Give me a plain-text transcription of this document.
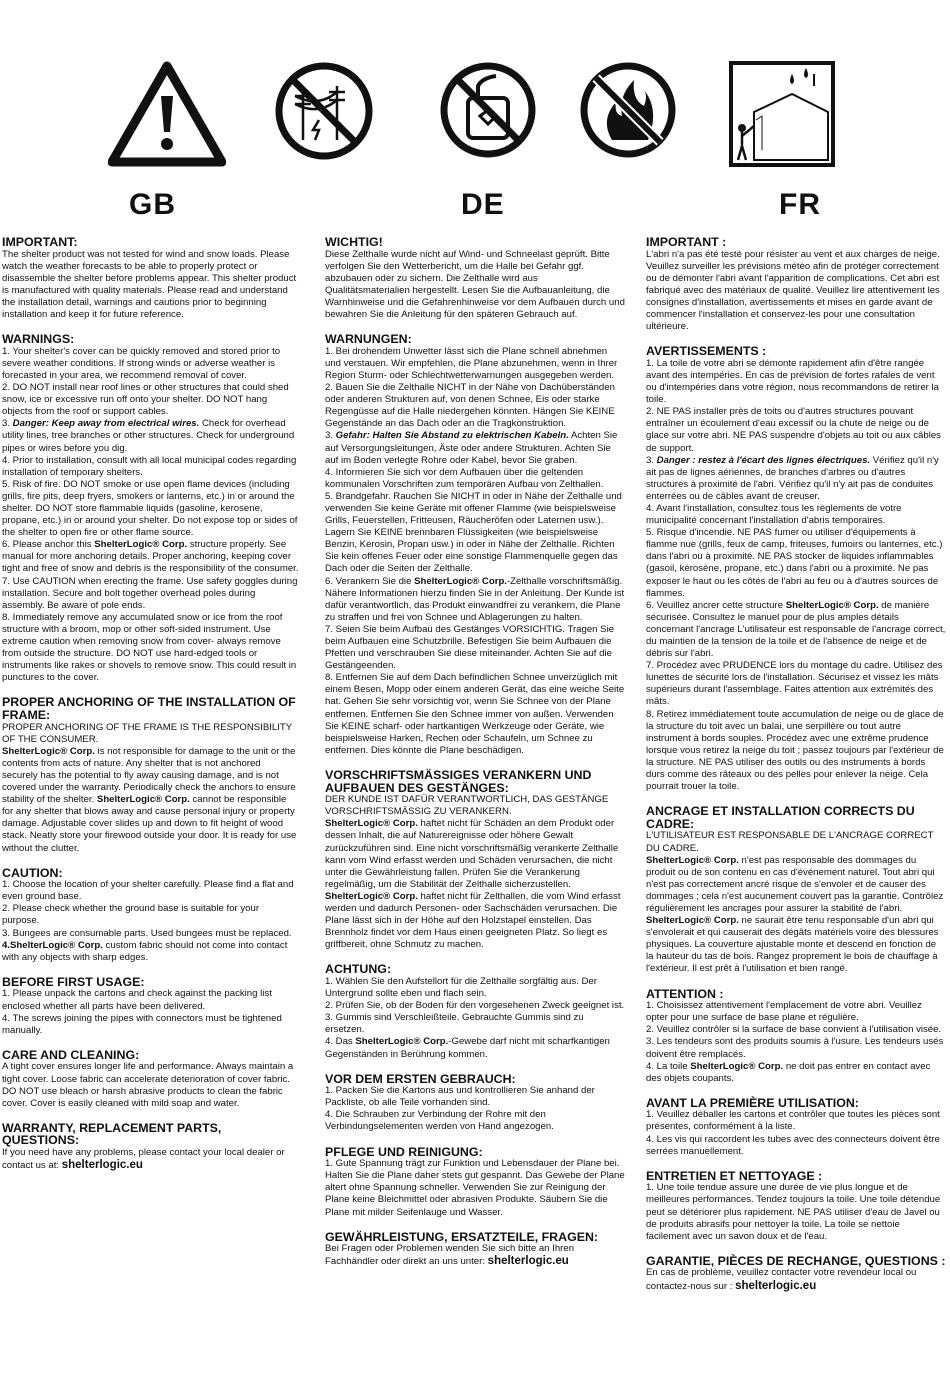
GB	DE	FR

IMPORTANT:

The shelter product was not tested for wind and snow loads. Please watch the weather forecasts to be able to properly protect or disassemble the shelter before problems appear. This shelter product is manufactured with quality materials. Please read and understand the installation detail, warnings and cautions prior to beginning installation and keep it for future reference.

WARNINGS:

1. Your shelter's cover can be quickly removed and stored prior to severe weather conditions. If strong winds or adverse weather is forecasted in your area, we recommend removal of cover.

2. DO NOT install near roof lines or other structures that could shed snow, ice or excessive run off onto your shelter. DO NOT hang objects from the roof or support cables.

3. Danger: Keep away from electrical wires. Check for overhead utility lines, tree branches or other structures. Check for underground pipes or wires before you dig.

4. Prior to installation, consult with all local municipal codes regarding installation of temporary shelters.

5. Risk of fire. DO NOT smoke or use open flame devices (including grills, fire pits, deep fryers, smokers or lanterns, etc.) in or around the shelter. DO NOT store flammable liquids (gasoline, kerosene, propane, etc.) in or around your shelter. Do not expose top or sides of the shelter to open fire or other flame source.

6. Please anchor this ShelterLogic® Corp. structure properly. See manual for more anchoring details. Proper anchoring, keeping cover tight and free of snow and debris is the responsibility of the consumer.

7. Use CAUTION when erecting the frame. Use safety goggles during installation. Secure and bolt together overhead poles during assembly. Be aware of pole ends.

8. Immediately remove any accumulated snow or ice from the roof structure with a broom, mop or other soft-sided instrument. Use extreme caution when removing snow from cover- always remove from outside the structure. DO NOT use hard-edged tools or instruments like rakes or shovels to remove snow. This could result in punctures to the cover.

PROPER ANCHORING OF THE INSTALLATION OF FRAME:

PROPER ANCHORING OF THE FRAME IS THE RESPONSIBILITY OF THE CONSUMER.

ShelterLogic® Corp. is not responsible for damage to the unit or the contents from acts of nature. Any shelter that is not anchored securely has the potential to fly away causing damage, and is not covered under the warranty. Periodically check the anchors to ensure stability of the shelter. ShelterLogic® Corp. cannot be responsible for any shelter that blows away and cause personal injury or property damage. Adjustable cover slides up and down to fit height of wood stack. Neatly store your firewood outside your door. It is ready for use without the clutter.

CAUTION:

1. Choose the location of your shelter carefully. Please find a flat and even ground base.

2. Please check whether the ground base is suitable for your purpose.

3. Bungees are consumable parts. Used bungees must be replaced.

4.ShelterLogic® Corp. custom fabric should not come into contact with any objects with sharp edges.

BEFORE FIRST USAGE:

1. Please unpack the cartons and check against the packing list enclosed whether all parts have been delivered.

4. The screws joining the pipes with connectors must be tightened manually.

CARE AND CLEANING:

A tight cover ensures longer life and performance. Always maintain a tight cover. Loose fabric can accelerate deterioration of cover fabric. DO NOT use bleach or harsh abrasive products to clean the fabric cover. Cover is easily cleaned with mild soap and water.

WARRANTY, REPLACEMENT PARTS, QUESTIONS:

If you need have any problems, please contact your local dealer or contact us at: shelterlogic.eu

WICHTIG!

Diese Zelthalle wurde nicht auf Wind- und Schneelast geprüft. Bitte verfolgen Sie den Wetterbericht, um die Halle bei Gefahr ggf. abzubauen oder zu sichern. Die Zelthalle wird aus Qualitätsmaterialien hergestellt. Lesen Sie die Aufbauanleitung, die Warnhinweise und die Gefahrenhinweise vor dem Aufbauen durch und bewahren Sie die Anleitung für den späteren Gebrauch auf.

WARNUNGEN:

1. Bei drohendem Unwetter lässt sich die Plane schnell abnehmen und verstauen. Wir empfehlen, die Plane abzunehmen, wenn in Ihrer Region Sturm- oder Schlechtwetterwarnungen ausgegeben werden.

2. Bauen Sie die Zelthalle NICHT in der Nähe von Dachüberständen oder anderen Strukturen auf, von denen Schnee, Eis oder starke Regengüsse auf die Halle niedergehen könnten. Hängen Sie KEINE Gegenstände an das Dach oder an die Tragkonstruktion.

3. Gefahr: Halten Sie Abstand zu elektrischen Kabeln. Achten Sie auf Versorgungsleitungen, Äste oder andere Strukturen. Achten Sie auf im Boden verlegte Rohre oder Kabel, bevor Sie graben.

4. Informieren Sie sich vor dem Aufbauen über die geltenden kommunalen Vorschriften zum temporären Aufbau von Zelthallen.

5. Brandgefahr. Rauchen Sie NICHT in oder in Nähe der Zelthalle und verwenden Sie keine Geräte mit offener Flamme (wie beispielsweise Grills, Feuerstellen, Fritteusen, Räucheröfen oder Laternen usw.). Lagern Sie KEINE brennbaren Flüssigkeiten (wie beispielsweise Benzin, Kerosin, Propan usw.) in oder in Nähe der Zelthalle. Richten Sie kein offenes Feuer oder eine sonstige Flammenquelle gegen das Dach oder die Seiten der Zelthalle.

6. Verankern Sie die ShelterLogic® Corp.-Zelthalle vorschriftsmäßig. Nähere Informationen hierzu finden Sie in der Anleitung. Der Kunde ist dafür verantwortlich, das Produkt einwandfrei zu verankern, die Plane zu straffen und frei von Schnee und Ablagerungen zu halten.

7. Seien Sie beim Aufbau des Gestänges VORSICHTIG. Tragen Sie beim Aufbauen eine Schutzbrille. Befestigen Sie beim Aufbauen die Pfetten und verschrauben Sie diese miteinander. Achten Sie auf die Gestängeenden.

8. Entfernen Sie auf dem Dach befindlichen Schnee unverzüglich mit einem Besen, Mopp oder einem anderen Gerät, das eine weiche Seite hat. Gehen Sie sehr vorsichtig vor, wenn Sie Schnee von der Plane entfernen. Entfernen Sie den Schnee immer von außen. Verwenden Sie KEINE scharf- oder hartkantigen Werkzeuge oder Geräte, wie beispielsweise Harken, Rechen oder Schaufeln, um Schnee zu entfernen. Dies könnte die Plane beschädigen.

VORSCHRIFTSMÄSSIGES VERANKERN UND AUFBAUEN DES GESTÄNGES:

DER KUNDE IST DAFÜR VERANTWORTLICH, DAS GESTÄNGE VORSCHRIFTSMÄSSIG ZU VERANKERN.

ShelterLogic® Corp. haftet nicht für Schäden an dem Produkt oder dessen Inhalt, die auf Naturereignisse oder höhere Gewalt zurückzuführen sind. Eine nicht vorschriftsmäßig verankerte Zelthalle kann vom Wind erfasst werden und Schäden verursachen, die nicht unter die Gewährleistung fallen. Prüfen Sie die Verankerung regelmäßig, um die Stabilität der Zelthalle sicherzustellen. ShelterLogic® Corp. haftet nicht für Zelthallen, die vom Wind erfasst werden und dadurch Personen- oder Sachschäden verursachen. Die Plane lässt sich in der Höhe auf den Holzstapel einstellen. Das Brennholz findet vor dem Haus einen geeigneten Platz. So liegt es griffbereit, ohne Schmutz zu machen.

ACHTUNG:

1. Wählen Sie den Aufstellort für die Zelthalle sorgfältig aus. Der Untergrund sollte eben und flach sein.

2. Prüfen Sie, ob der Boden für den vorgesehenen Zweck geeignet ist.

3. Gummis sind Verschleißteile. Gebrauchte Gummis sind zu ersetzen.

4. Das ShelterLogic® Corp.-Gewebe darf nicht mit scharfkantigen Gegenständen in Berührung kommen.

VOR DEM ERSTEN GEBRAUCH:

1. Packen Sie die Kartons aus und kontrollieren Sie anhand der Packliste, ob alle Teile vorhanden sind.

4. Die Schrauben zur Verbindung der Rohre mit den Verbindungselementen werden von Hand angezogen.

PFLEGE UND REINIGUNG:

1. Gute Spannung trägt zur Funktion und Lebensdauer der Plane bei. Halten Sie die Plane daher stets gut gespannt. Das Gewebe der Plane altert ohne Spannung schneller. Verwenden Sie zur Reinigung der Plane keine Bleichmittel oder abrasiven Produkte. Säubern Sie die Plane mit milder Seifenlauge und Wasser.

GEWÄHRLEISTUNG, ERSATZTEILE, FRAGEN:

Bei Fragen oder Problemen wenden Sie sich bitte an Ihren Fachhändler oder direkt an uns unter: shelterlogic.eu

IMPORTANT :

L'abri n'a pas été testé pour résister au vent et aux charges de neige. Veuillez surveiller les prévisions météo afin de protéger correctement ou de démonter l'abri avant l'apparition de complications. Cet abri est fabriqué avec des matériaux de qualité. Veuillez lire attentivement les consignes d'installation, avertissements et mises en garde avant de commencer l'installation et conservez-les pour une consultation ultérieure.

AVERTISSEMENTS :

1. La toile de votre abri se démonte rapidement afin d'être rangée avant des intempéries. En cas de prévision de fortes rafales de vent ou d'intempéries dans votre région, nous recommandons de retirer la toile.

2. NE PAS installer près de toits ou d'autres structures pouvant entraîner un écoulement d'eau excessif ou la chute de neige ou de glace sur votre abri. NE PAS suspendre d'objets au toit ou aux câbles de support.

3. Danger : restez à l'écart des lignes électriques. Vérifiez qu'il n'y ait pas de lignes aériennes, de branches d'arbres ou d'autres structures à proximité de l'abri. Vérifiez qu'il n'y ait pas de conduites enterrées ou de câbles avant de creuser.

4. Avant l'installation, consultez tous les règlements de votre municipalité concernant l'installation d'abris temporaires.

5. Risque d'incendie. NE PAS fumer ou utiliser d'équipements à flamme nue (grills, feux de camp, friteuses, fumoirs ou lanternes, etc.) dans l'abri ou à proximité. NE PAS stocker de liquides inflammables (gasoil, kérosène, propane, etc.) dans l'abri ou à proximité. Ne pas exposer le haut ou les côtés de l'abri au feu ou à d'autres sources de flammes.

6. Veuillez ancrer cette structure ShelterLogic® Corp. de manière sécurisée. Consultez le manuel pour de plus amples détails concernant l'ancrage L'utilisateur est responsable de l'ancrage correct, du maintien de la tension de la toile et de l'absence de neige et de débris sur l'abri.

7. Procédez avec PRUDENCE lors du montage du cadre. Utilisez des lunettes de sécurité lors de l'installation. Sécurisez et vissez les mâts supérieurs durant l'assemblage. Faites attention aux extrémités des mâts.

8. Retirez immédiatement toute accumulation de neige ou de glace de la structure du toit avec un balai, une serpillère ou tout autre instrument à bords souples. Procédez avec une extrême prudence lorsque vous retirez la neige du toit ; passez toujours par l'extérieur de la structure. NE PAS utiliser des outils ou des instruments à bords durs comme des râteaux ou des pelles pour enlever la neige. Cela pourrait trouer la toile.

ANCRAGE ET INSTALLATION CORRECTS DU CADRE:

L'UTILISATEUR EST RESPONSABLE DE L'ANCRAGE CORRECT DU CADRE.

ShelterLogic® Corp. n'est pas responsable des dommages du produit ou de son contenu en cas d'événement naturel. Tout abri qui n'est pas correctement ancré risque de s'envoler et de causer des dommages ; cela n'est aucunement couvert pas la garantie. Contrôlez régulièrement les ancrages pour assurer la stabilité de l'abri. ShelterLogic® Corp. ne saurait être tenu responsable d'un abri qui s'envolerait et qui causerait des dégâts matériels voire des blessures physiques. La couverture ajustable monte et descend en fonction de la hauteur du tas de bois. Rangez proprement le bois de chauffage à l'extérieur. Il est prêt à l'utilisation et bien rangé.

ATTENTION :

1. Choisissez attentivement l'emplacement de votre abri. Veuillez opter pour une surface de base plane et régulière.

2. Veuillez contrôler si la surface de base convient à l'utilisation visée.

3. Les tendeurs sont des produits soumis à l'usure. Les tendeurs usés doivent être remplacés.

4. La toile ShelterLogic® Corp. ne doit pas entrer en contact avec des objets coupants.

AVANT LA PREMIÈRE UTILISATION:

1. Veuillez déballer les cartons et contrôler que toutes les pièces sont présentes, conformément à la liste.

4. Les vis qui raccordent les tubes avec des connecteurs doivent être serrées manuellement.

ENTRETIEN ET NETTOYAGE :

1. Une toile tendue assure une durée de vie plus longue et de meilleures performances. Tendez toujours la toile. Une toile détendue peut se détériorer plus rapidement. NE PAS utiliser d'eau de Javel ou de produits abrasifs pour nettoyer la toile. La toile se nettoie facilement avec un savon doux et de l'eau.

GARANTIE, PIÈCES DE RECHANGE, QUESTIONS :

En cas de problème, veuillez contacter votre revendeur local ou contactez-nous sur : shelterlogic.eu
